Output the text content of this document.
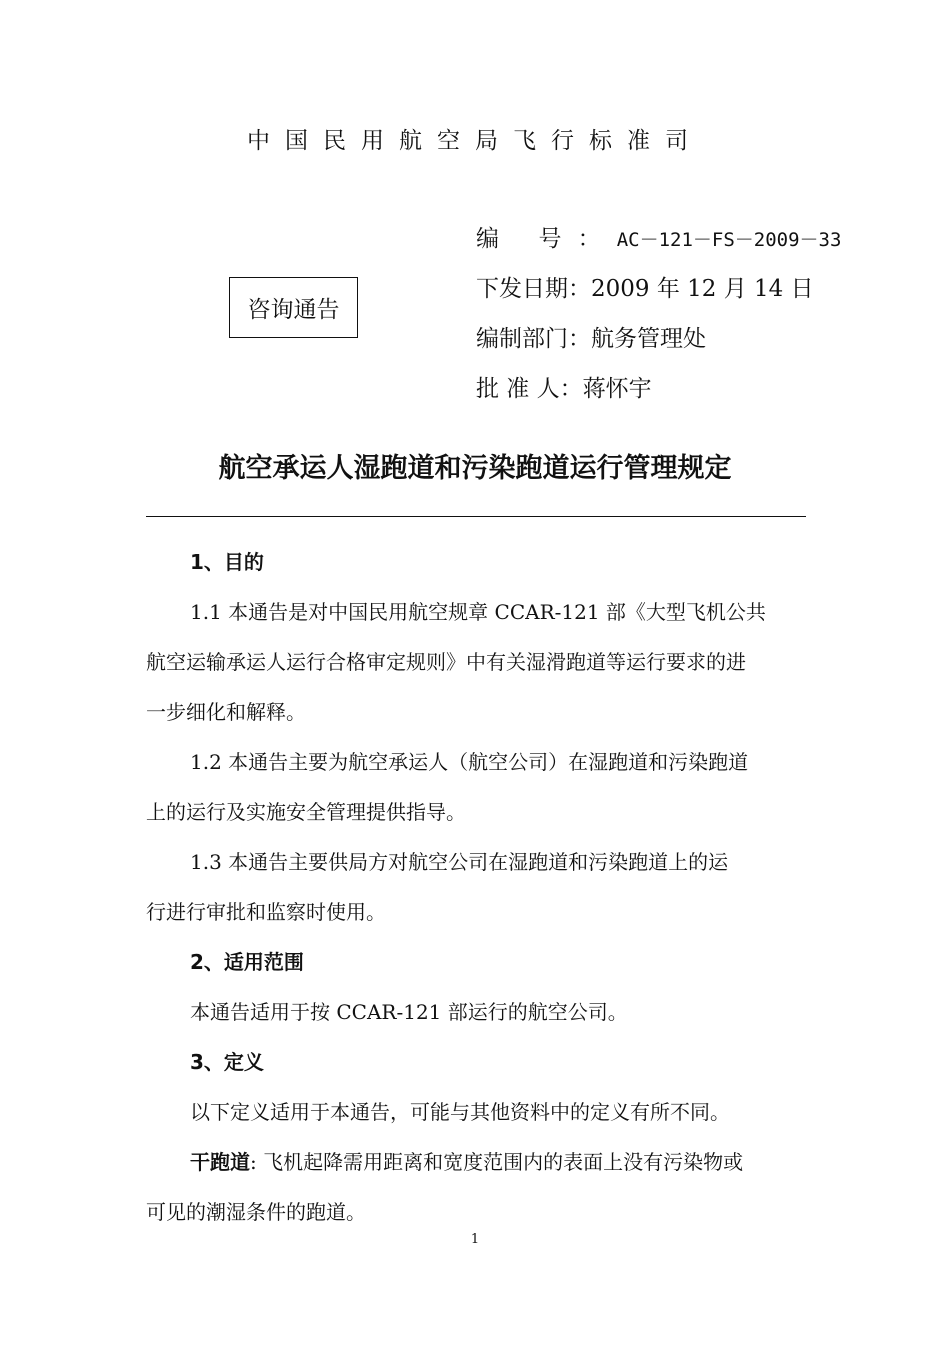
中国民用航空局飞行标准司
咨询通告
编 号：AC－121－FS－2009－33
下发日期：2009 年 12 月 14 日
编制部门：航务管理处
批 准 人：蒋怀宇
航空承运人湿跑道和污染跑道运行管理规定
1、目的
1.1 本通告是对中国民用航空规章 CCAR-121 部《大型飞机公共
航空运输承运人运行合格审定规则》中有关湿滑跑道等运行要求的进
一步细化和解释。
1.2 本通告主要为航空承运人（航空公司）在湿跑道和污染跑道
上的运行及实施安全管理提供指导。
1.3 本通告主要供局方对航空公司在湿跑道和污染跑道上的运
行进行审批和监察时使用。
2、适用范围
本通告适用于按 CCAR-121 部运行的航空公司。
3、定义
以下定义适用于本通告，可能与其他资料中的定义有所不同。
干跑道: 飞机起降需用距离和宽度范围内的表面上没有污染物或
可见的潮湿条件的跑道。
1
